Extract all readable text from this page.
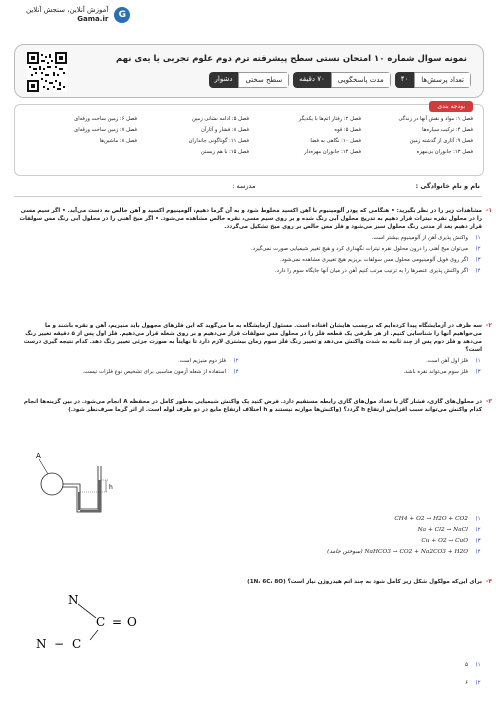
آموزش آنلاین، سنجش آنلاین
Gama.ir	G
نمونه سوال شماره ۱۰ امتحان نستی سطح پیشرفته ترم دوم علوم تجربی یا یه‌ی نهم
تعداد پرسش‌ها
۴۰
مدت پاسخگویی
۷۰ دقیقه
سطح سختی
دشوار
بودجه بندی
فصل ۱: مواد و نقش آنها در زندگی
فصل ۲: رفتار اتم‌ها با یکدیگر
فصل ۵: ادامه نشانی زمین
فصل ۶: زمین ساخت ورقه‌ای
فصل ۴: ترکیب سیاره‌ها
فصل ۵: قوه
فصل ۸: فشار و آثارآن
فصل ۷: زمین ساخت ورقه‌ای
فصل ۹: آثاری از گذشته زمین
فصل ۱۰: نگاهی به فضا
فصل ۱۱: گوناگونی جانداران
فصل ۸: ماشین‌ها
فصل ۱۳: جانوران بی‌مهره
فصل ۱۴: جانوران مهره‌دار
فصل ۱۵: با هم زیستن
نام و نام خانوادگی :
مدرسه :
۱-
مشاهدات زیر را در نظر بگیرید: • هنگامی که پودر آلومینیوم با آهن اکسید مخلوط شود و به آن گرما دهیم، آلومینیوم اکسید و آهن خالص به دست می‌آید. • اگر سیم مسی را در محلول نقره نیترات قرار دهیم به تدریج محلول آبی رنگ شده و بر روی سیم مسی، نقره خالص مشاهده می‌شود. • اگر میخ آهنی را در محلول آبی رنگ مس سولفات قرار دهیم بعد از مدتی رنگ محلول سبز می‌شود و فلز مس خالص بر روی میخ تشکیل می‌گردد.
۱)
واکنش پذیری آهن از آلومینیوم بیشتر است.
۲)
می‌توان میخ آهنی را درون محلول نقره نیترات نگهداری کرد و هیچ تغییر شیمیایی صورت نمی‌گیرد.
۳)
اگر روی فویل آلومینیومی محلول مس سولفات بریزیم هیچ تغییری مشاهده نمی‌شود.
۴)
اگر واکنش پذیری عنصرها را به ترتیب مرتب کنیم آهن در میان آنها جایگاه سوم را دارد.
۲-
سه ظرف در آزمایشگاه پیدا کرده‌ایم که برچسب هایشان افتاده است. مسئول آزمایشگاه به ما می‌گوید که این فلزهای مجهول باید منیزیم، آهن و نقره باشند و ما می‌خواهیم آنها را شناسایی کنیم. از هر ظرفی یک قطعه فلز را در محلول مس سولفات قرار می‌دهیم و بر روی شعله قرار می‌دهیم. فلز اول پس از ۵ دقیقه تغییر رنگ می‌دهد و فلز دوم پس از چند ثانیه به شدت واکنش می‌دهد و تغییر رنگ فلز سوم زمان بیشتری لازم دارد تا نهایتاً به صورت جزئی تغییر رنگ دهد. کدام نتیجه گیری درست است؟
۱)
فلز اول آهن است.
۲)
فلز دوم منیزیم است.
۳)
فلز سوم می‌تواند نقره باشد.
۴)
استفاده از شعله آزمون مناسبی برای تشخیص نوع فلزات نیست.
۳-
در محلول‌های گازی، فشار گاز با تعداد مول‌های گازی رابطه مستقیم دارد. فرض کنید یک واکنش شیمیایی به‌طور کامل در محفظه A انجام می‌شود. در بین گزینه‌ها انجام کدام واکنش می‌تواند سبب افزایش ارتفاع h گردد؟ (واکنش‌ها موازنه نیستند و h اختلاف ارتفاع مایع در دو طرف لوله است. از اثر گرما صرف‌نظر شود.)
A
h
۱)
CH4 + O2 → H2O + CO2
۲)
Na + Cl2 → NaCl
۳)
Cu + O2 → CuO
۴)
NaHCO3 → CO2 + Na2CO3 + H2O (سوختن جامد)
۴-
برای این‌که مولکول شکل زیر کامل شود به چند اتم هیدروژن نیاز است؟ (1N، 6C، 8O)
N
C = O
N − C
۱)
۵
۲)
۶
